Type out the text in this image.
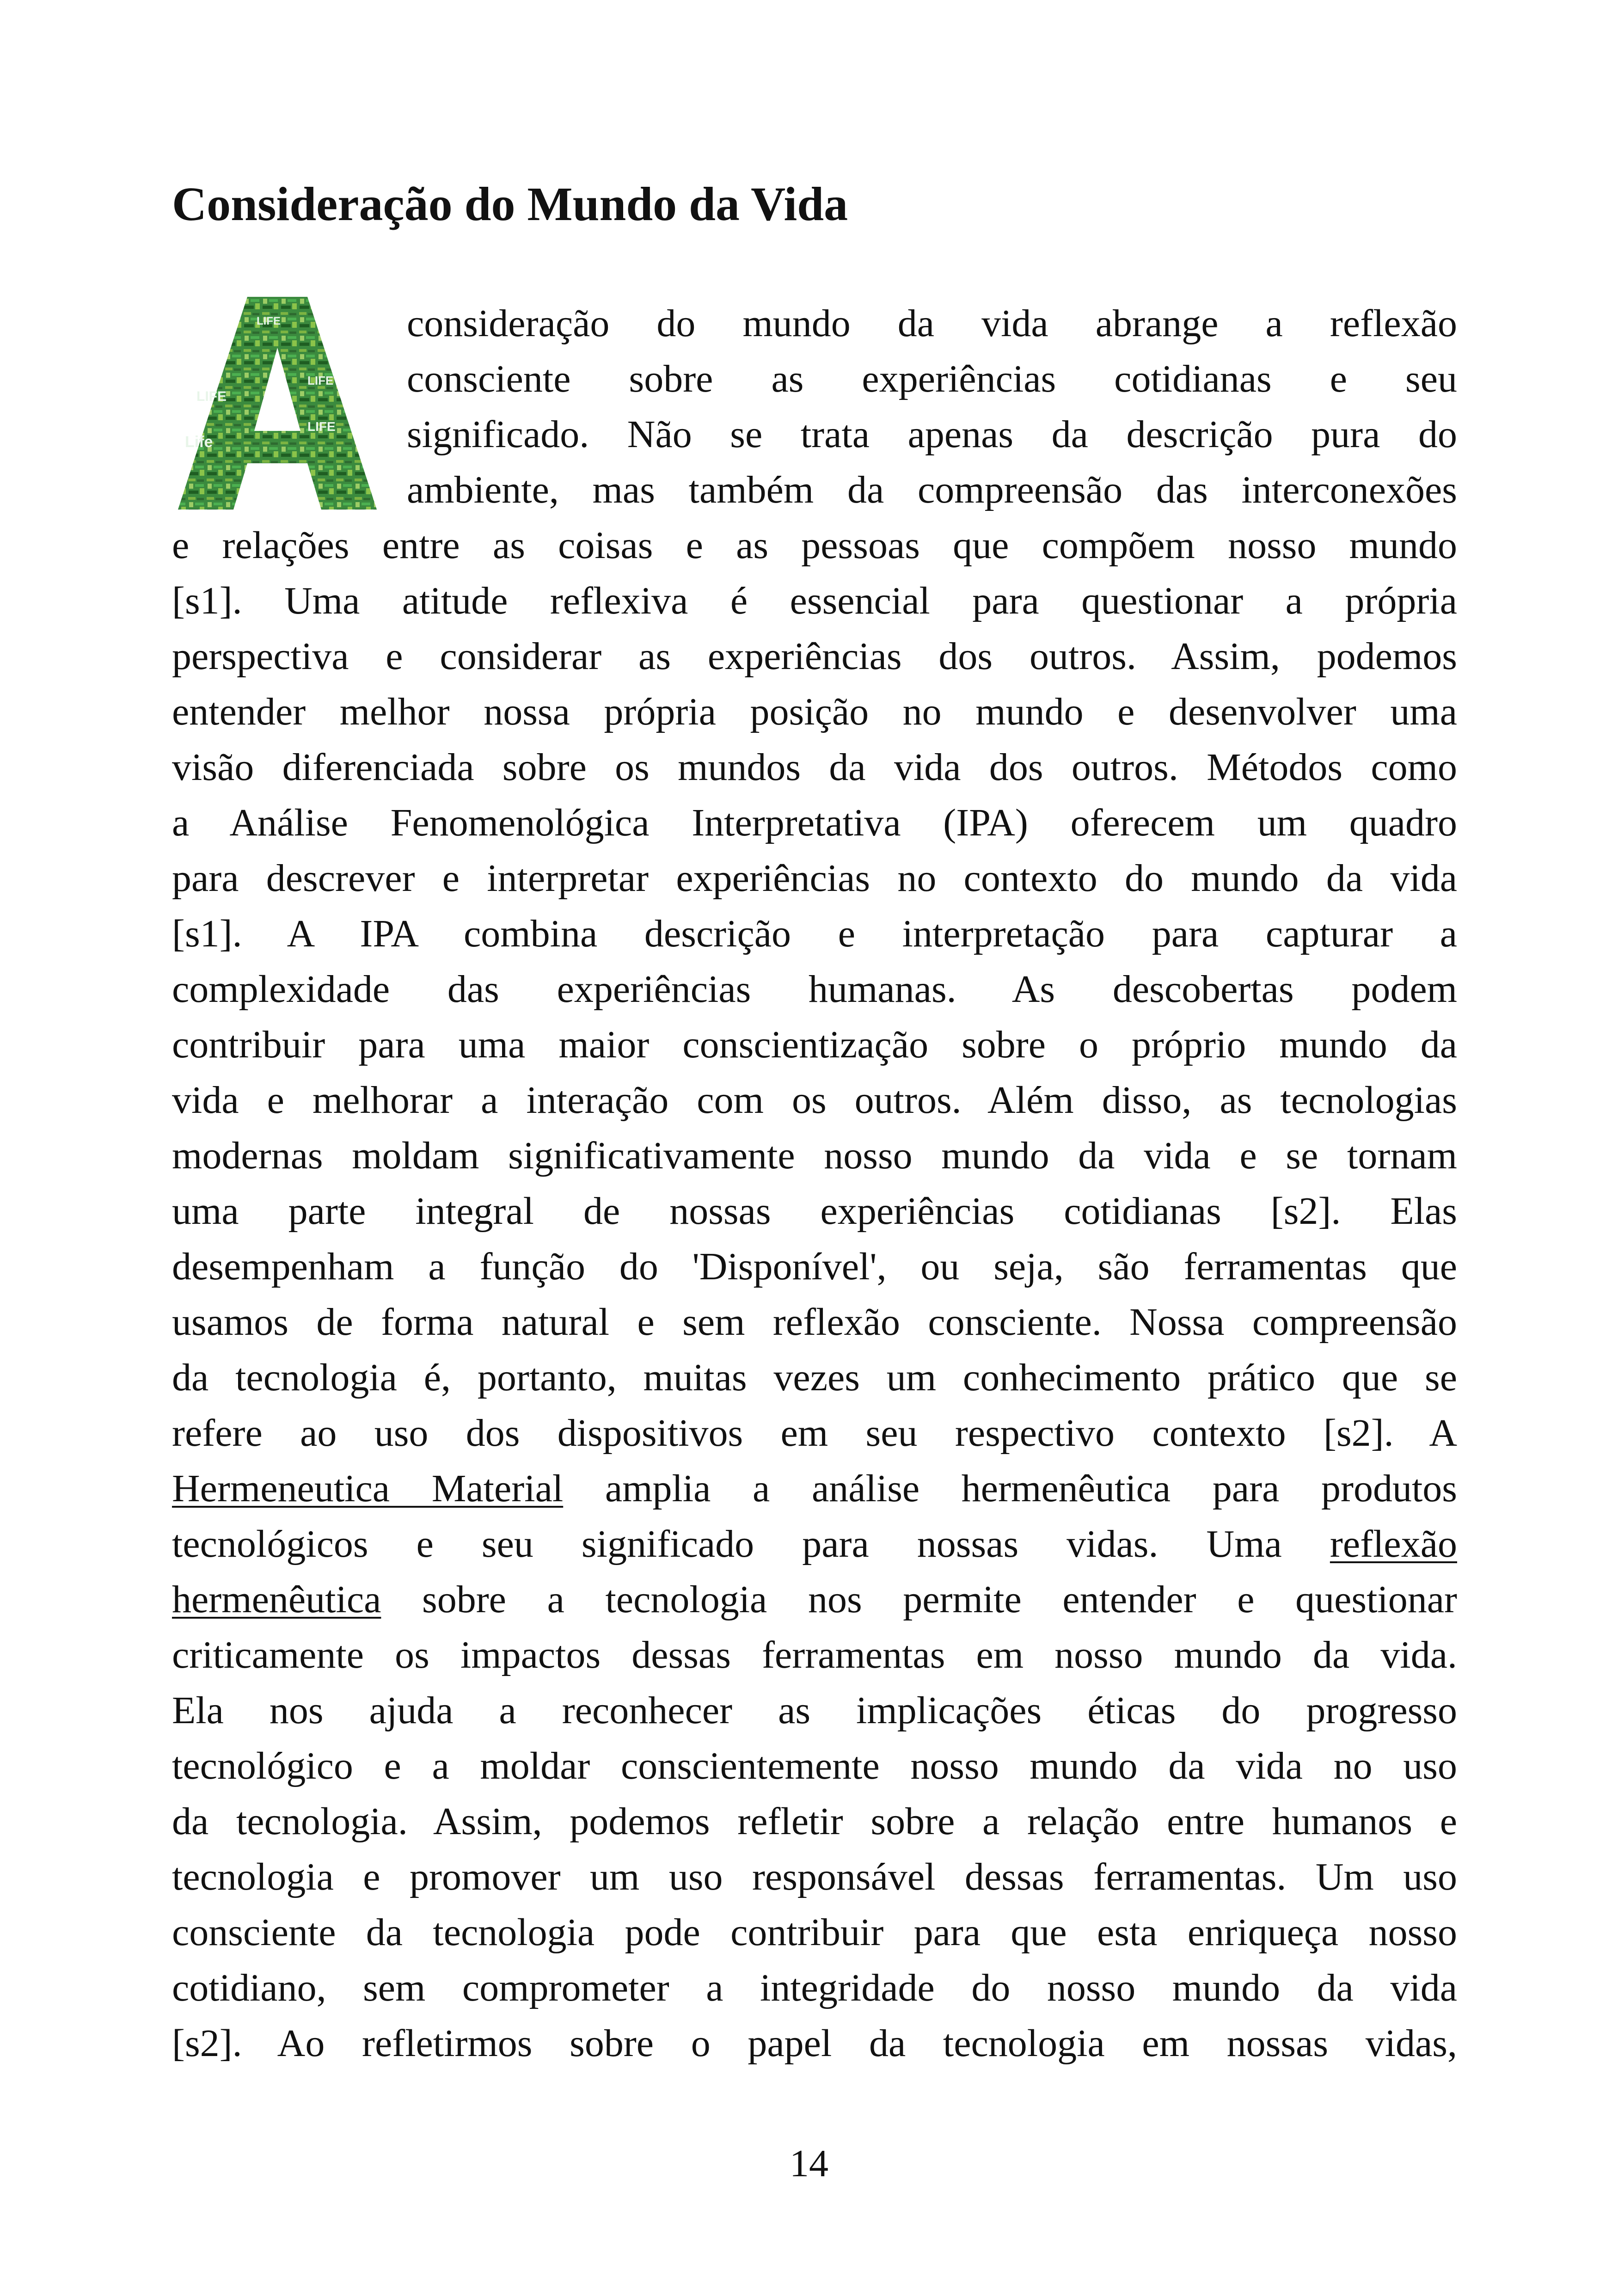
Consideração do Mundo da Vida
LIFE
LIFE
Life
LIFE
LIFE	consideração do mundo da vida abrange a reflexão
consciente sobre as experiências cotidianas e seu
significado. Não se trata apenas da descrição pura do
ambiente, mas também da compreensão das interconexões
e relações entre as coisas e as pessoas que compõem nosso mundo
[s1]. Uma atitude reflexiva é essencial para questionar a própria
perspectiva e considerar as experiências dos outros. Assim, podemos
entender melhor nossa própria posição no mundo e desenvolver uma
visão diferenciada sobre os mundos da vida dos outros. Métodos como
a Análise Fenomenológica Interpretativa (IPA) oferecem um quadro
para descrever e interpretar experiências no contexto do mundo da vida
[s1]. A IPA combina descrição e interpretação para capturar a
complexidade das experiências humanas. As descobertas podem
contribuir para uma maior conscientização sobre o próprio mundo da
vida e melhorar a interação com os outros. Além disso, as tecnologias
modernas moldam significativamente nosso mundo da vida e se tornam
uma parte integral de nossas experiências cotidianas [s2]. Elas
desempenham a função do 'Disponível', ou seja, são ferramentas que
usamos de forma natural e sem reflexão consciente. Nossa compreensão
da tecnologia é, portanto, muitas vezes um conhecimento prático que se
refere ao uso dos dispositivos em seu respectivo contexto [s2]. A
Hermeneutica Material amplia a análise hermenêutica para produtos
tecnológicos e seu significado para nossas vidas. Uma reflexão
hermenêutica sobre a tecnologia nos permite entender e questionar
criticamente os impactos dessas ferramentas em nosso mundo da vida.
Ela nos ajuda a reconhecer as implicações éticas do progresso
tecnológico e a moldar conscientemente nosso mundo da vida no uso
da tecnologia. Assim, podemos refletir sobre a relação entre humanos e
tecnologia e promover um uso responsável dessas ferramentas. Um uso
consciente da tecnologia pode contribuir para que esta enriqueça nosso
cotidiano, sem comprometer a integridade do nosso mundo da vida
[s2]. Ao refletirmos sobre o papel da tecnologia em nossas vidas,
14
